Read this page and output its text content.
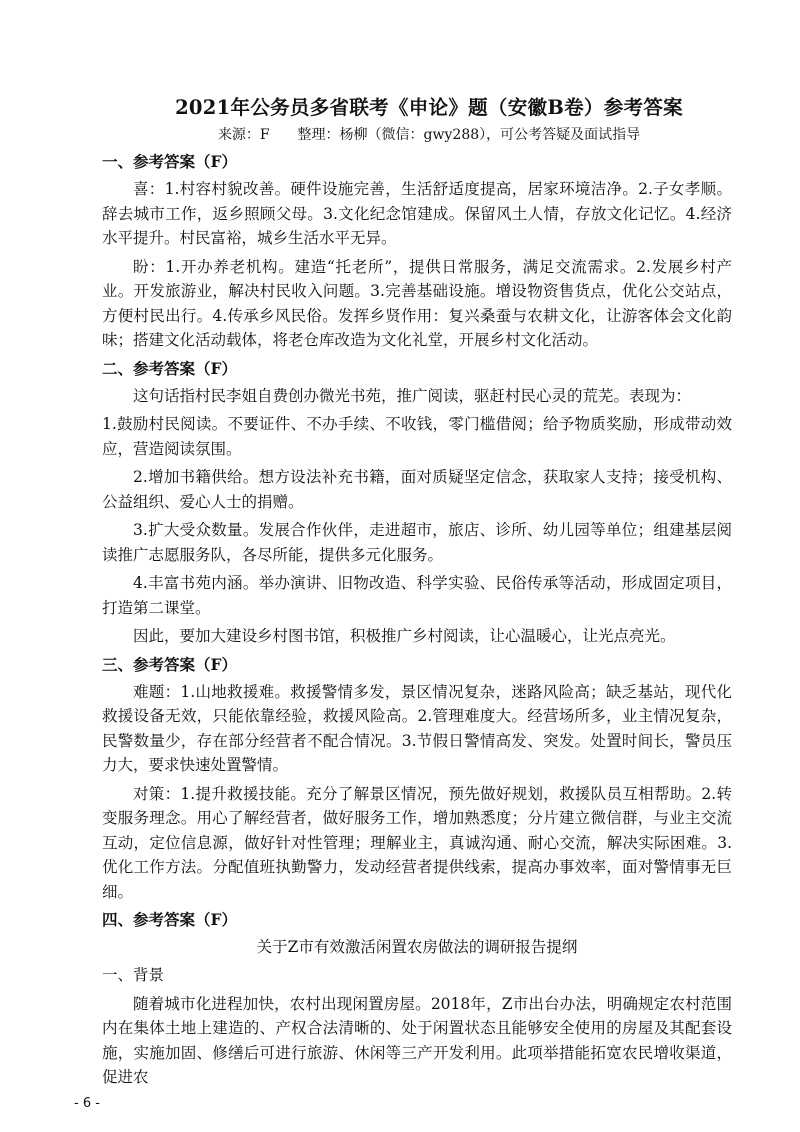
2021年公务员多省联考《申论》题（安徽B卷）参考答案
来源：F　　整理：杨柳（微信：gwy288），可公考答疑及面试指导
一、参考答案（F）

喜：1.村容村貌改善。硬件设施完善，生活舒适度提高，居家环境洁净。2.子女孝顺。辞去城市工作，返乡照顾父母。3.文化纪念馆建成。保留风土人情，存放文化记忆。4.经济水平提升。村民富裕，城乡生活水平无异。

盼：1.开办养老机构。建造“托老所”，提供日常服务，满足交流需求。2.发展乡村产业。开发旅游业，解决村民收入问题。3.完善基础设施。增设物资售货点，优化公交站点，方便村民出行。4.传承乡风民俗。发挥乡贤作用：复兴桑蚕与农耕文化，让游客体会文化韵味；搭建文化活动载体，将老仓库改造为文化礼堂，开展乡村文化活动。

二、参考答案（F）

这句话指村民李姐自费创办微光书苑，推广阅读，驱赶村民心灵的荒芜。表现为：

1.鼓励村民阅读。不要证件、不办手续、不收钱，零门槛借阅；给予物质奖励，形成带动效应，营造阅读氛围。

2.增加书籍供给。想方设法补充书籍，面对质疑坚定信念，获取家人支持；接受机构、公益组织、爱心人士的捐赠。

3.扩大受众数量。发展合作伙伴，走进超市，旅店、诊所、幼儿园等单位；组建基层阅读推广志愿服务队，各尽所能，提供多元化服务。

4.丰富书苑内涵。举办演讲、旧物改造、科学实验、民俗传承等活动，形成固定项目，打造第二课堂。

因此，要加大建设乡村图书馆，积极推广乡村阅读，让心温暖心，让光点亮光。

三、参考答案（F）

难题：1.山地救援难。救援警情多发，景区情况复杂，迷路风险高；缺乏基站，现代化救援设备无效，只能依靠经验，救援风险高。2.管理难度大。经营场所多，业主情况复杂，民警数量少，存在部分经营者不配合情况。3.节假日警情高发、突发。处置时间长，警员压力大，要求快速处置警情。

对策：1.提升救援技能。充分了解景区情况，预先做好规划，救援队员互相帮助。2.转变服务理念。用心了解经营者，做好服务工作，增加熟悉度；分片建立微信群，与业主交流互动，定位信息源，做好针对性管理；理解业主，真诚沟通、耐心交流，解决实际困难。3.优化工作方法。分配值班执勤警力，发动经营者提供线索，提高办事效率，面对警情事无巨细。

四、参考答案（F）
关于Z市有效激活闲置农房做法的调研报告提纲

一、背景

随着城市化进程加快，农村出现闲置房屋。2018年，Z市出台办法，明确规定农村范围内在集体土地上建造的、产权合法清晰的、处于闲置状态且能够安全使用的房屋及其配套设施，实施加固、修缮后可进行旅游、休闲等三产开发利用。此项举措能拓宽农民增收渠道，促进农

- 6 -
